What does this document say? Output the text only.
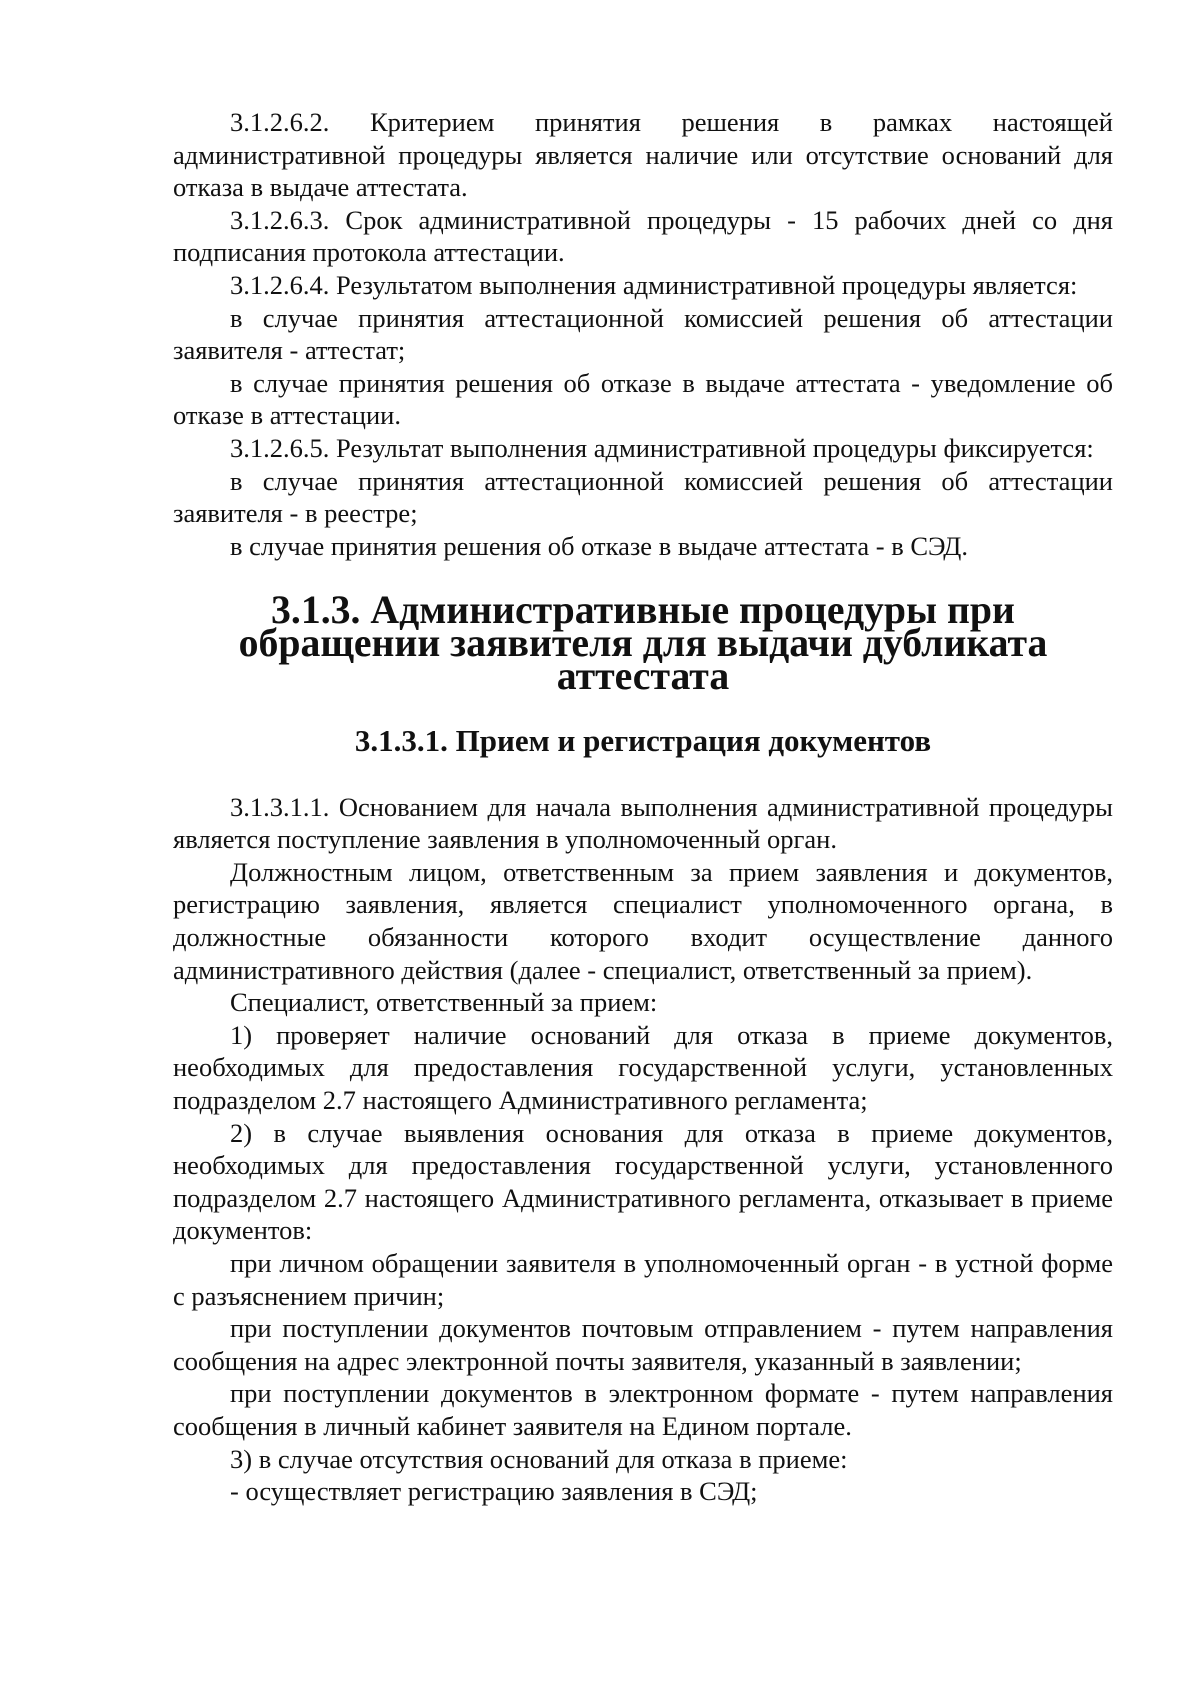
3.1.2.6.2. Критерием принятия решения в рамках настоящей административной процедуры является наличие или отсутствие оснований для отказа в выдаче аттестата.

3.1.2.6.3. Срок административной процедуры - 15 рабочих дней со дня подписания протокола аттестации.

3.1.2.6.4. Результатом выполнения административной процедуры является:

в случае принятия аттестационной комиссией решения об аттестации заявителя - аттестат;

в случае принятия решения об отказе в выдаче аттестата - уведомление об отказе в аттестации.

3.1.2.6.5. Результат выполнения административной процедуры фиксируется:

в случае принятия аттестационной комиссией решения об аттестации заявителя - в реестре;

в случае принятия решения об отказе в выдаче аттестата - в СЭД.

3.1.3. Административные процедуры при обращении заявителя для выдачи дубликата аттестата
3.1.3.1. Прием и регистрация документов

3.1.3.1.1. Основанием для начала выполнения административной процедуры является поступление заявления в уполномоченный орган.

Должностным лицом, ответственным за прием заявления и документов, регистрацию заявления, является специалист уполномоченного органа, в должностные обязанности которого входит осуществление данного административного действия (далее - специалист, ответственный за прием).

Специалист, ответственный за прием:

1) проверяет наличие оснований для отказа в приеме документов, необходимых для предоставления государственной услуги, установленных подразделом 2.7 настоящего Административного регламента;

2) в случае выявления основания для отказа в приеме документов, необходимых для предоставления государственной услуги, установленного подразделом 2.7 настоящего Административного регламента, отказывает в приеме документов:

при личном обращении заявителя в уполномоченный орган - в устной форме с разъяснением причин;

при поступлении документов почтовым отправлением - путем направления сообщения на адрес электронной почты заявителя, указанный в заявлении;

при поступлении документов в электронном формате - путем направления сообщения в личный кабинет заявителя на Едином портале.

3) в случае отсутствия оснований для отказа в приеме:

- осуществляет регистрацию заявления в СЭД;
